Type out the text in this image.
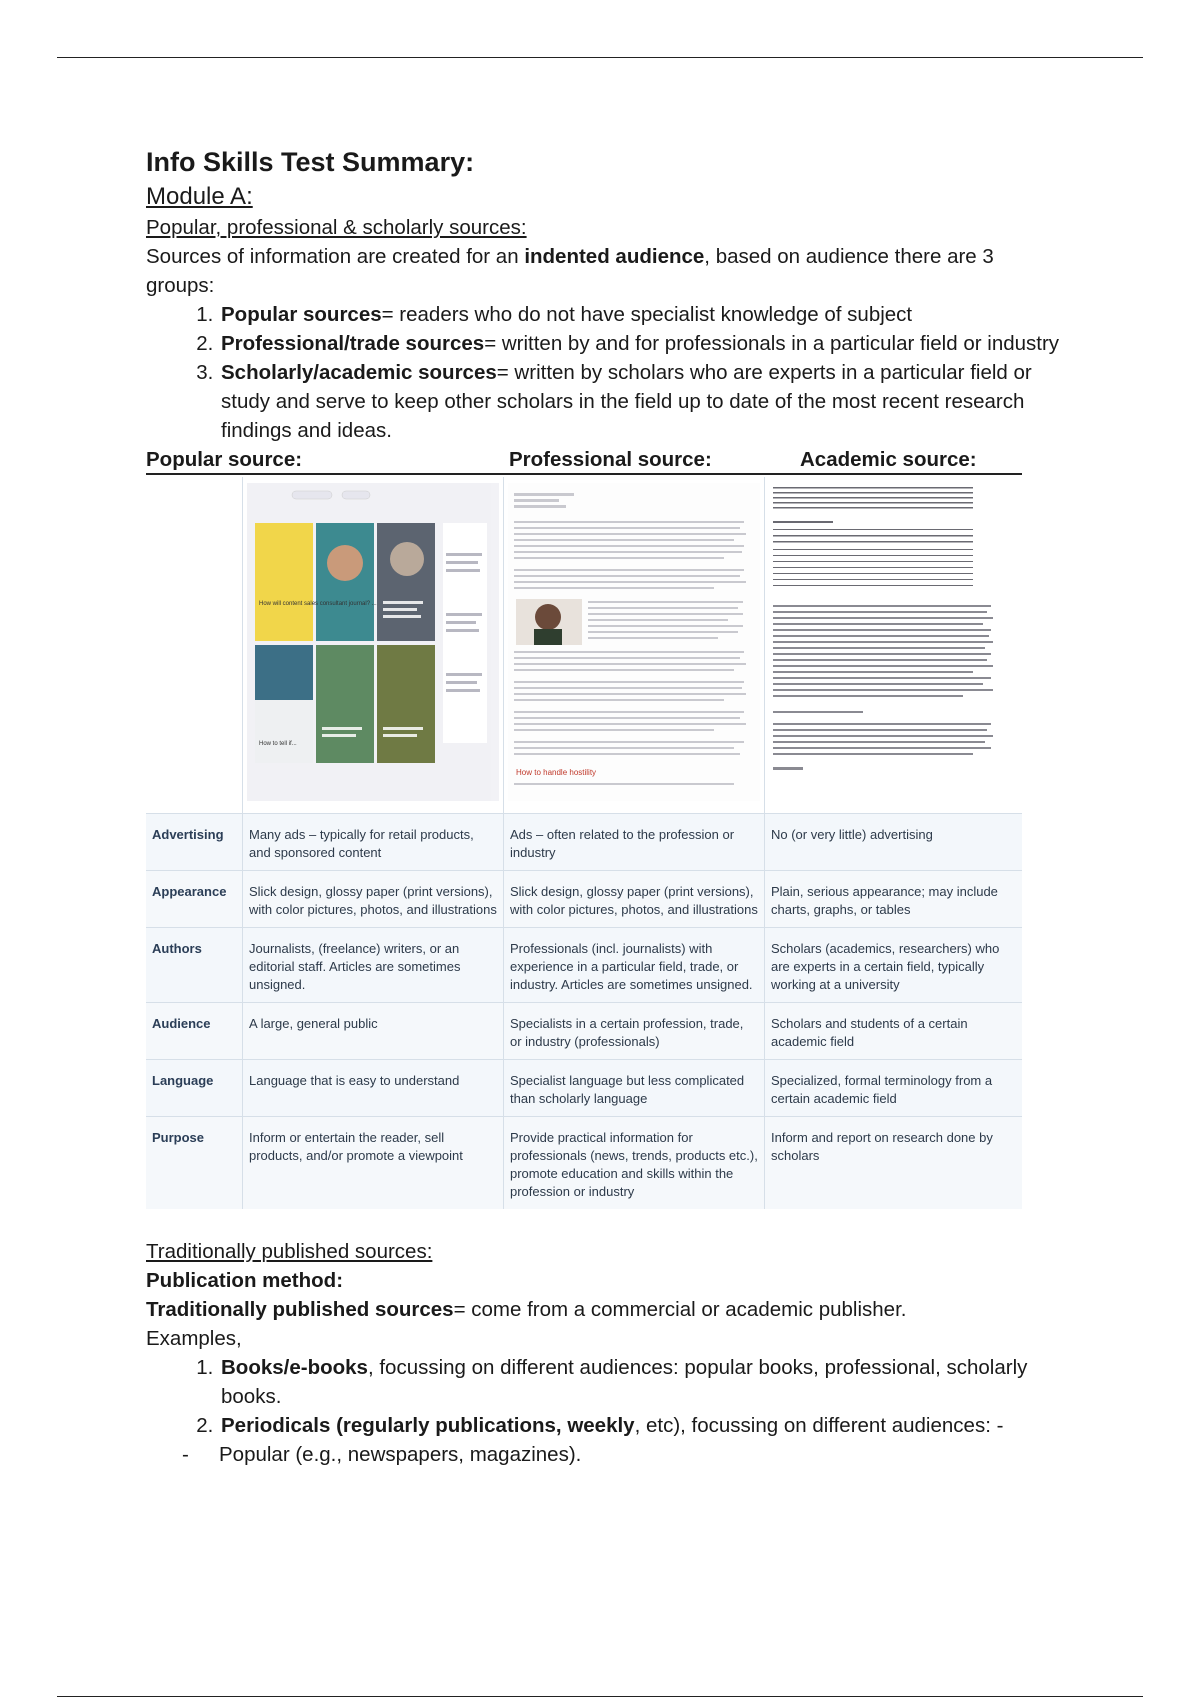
Info Skills Test Summary:

Module A:

Popular, professional & scholarly sources:

Sources of information are created for an indented audience, based on audience there are 3 groups:

1. Popular sources= readers who do not have specialist knowledge of subject
2. Professional/trade sources= written by and for professionals in a particular field or industry
3. Scholarly/academic sources= written by scholars who are experts in a particular field or study and serve to keep other scholars in the field up to date of the most recent research findings and ideas.
Popular source:	Professional source:	Academic source:

How will content sales consultant journal? ...
How to tell if...	How to handle hostility

Advertising	Many ads – typically for retail products, and sponsored content	Ads – often related to the profession or industry	No (or very little) advertising
Appearance	Slick design, glossy paper (print versions), with color pictures, photos, and illustrations	Slick design, glossy paper (print versions), with color pictures, photos, and illustrations	Plain, serious appearance; may include charts, graphs, or tables
Authors	Journalists, (freelance) writers, or an editorial staff. Articles are sometimes unsigned.	Professionals (incl. journalists) with experience in a particular field, trade, or industry. Articles are sometimes unsigned.	Scholars (academics, researchers) who are experts in a certain field, typically working at a university
Audience	A large, general public	Specialists in a certain profession, trade, or industry (professionals)	Scholars and students of a certain academic field
Language	Language that is easy to understand	Specialist language but less complicated than scholarly language	Specialized, formal terminology from a certain academic field
Purpose	Inform or entertain the reader, sell products, and/or promote a viewpoint	Provide practical information for professionals (news, trends, products etc.), promote education and skills within the profession or industry	Inform and report on research done by scholars

Traditionally published sources:

Publication method:

Traditionally published sources= come from a commercial or academic publisher.

Examples,

1. Books/e-books, focussing on different audiences: popular books, professional, scholarly books.
2. Periodicals (regularly publications, weekly, etc), focussing on different audiences: -
- Popular (e.g., newspapers, magazines).
